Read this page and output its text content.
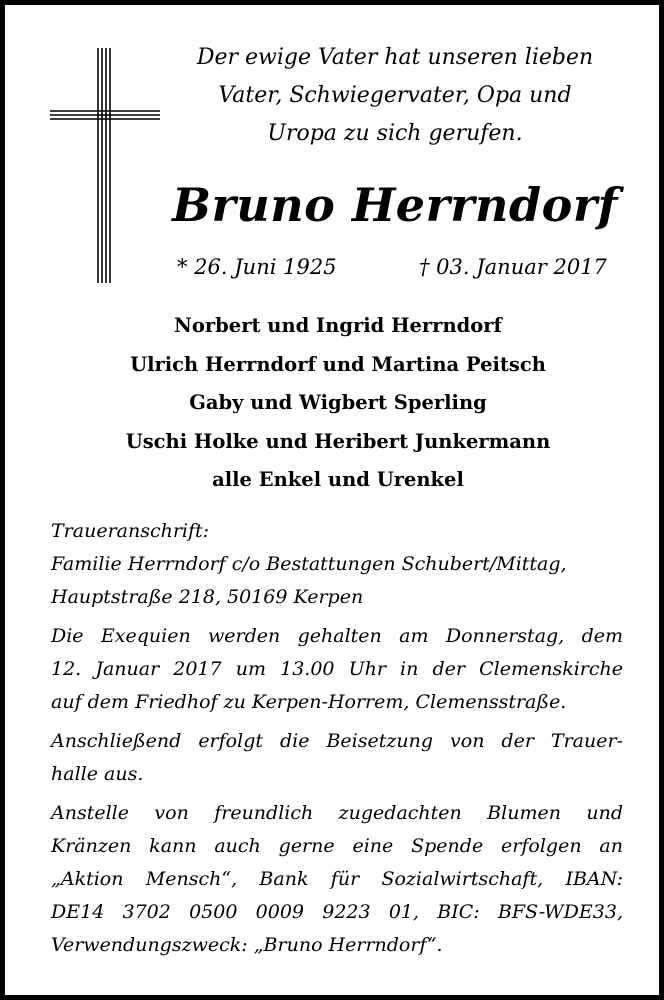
Der ewige Vater hat unseren lieben
Vater, Schwiegervater, Opa und
Uropa zu sich gerufen.
Bruno Herrndorf
* 26. Juni 1925	† 03. Januar 2017
Norbert und Ingrid Herrndorf
Ulrich Herrndorf und Martina Peitsch
Gaby und Wigbert Sperling
Uschi Holke und Heribert Junkermann
alle Enkel und Urenkel
Traueranschrift:
Familie Herrndorf c/o Bestattungen Schubert/Mittag,
Hauptstraße 218, 50169 Kerpen
Die Exequien werden gehalten am Donnerstag, dem
12. Januar 2017 um 13.00 Uhr in der Clemenskirche
auf dem Friedhof zu Kerpen-Horrem, Clemensstraße.
Anschließend erfolgt die Beisetzung von der Trauer-
halle aus.
Anstelle von freundlich zugedachten Blumen und
Kränzen kann auch gerne eine Spende erfolgen an
„Aktion Mensch“, Bank für Sozialwirtschaft, IBAN:
DE14 3702 0500 0009 9223 01, BIC: BFS-WDE33,
Verwendungszweck: „Bruno Herrndorf“.
